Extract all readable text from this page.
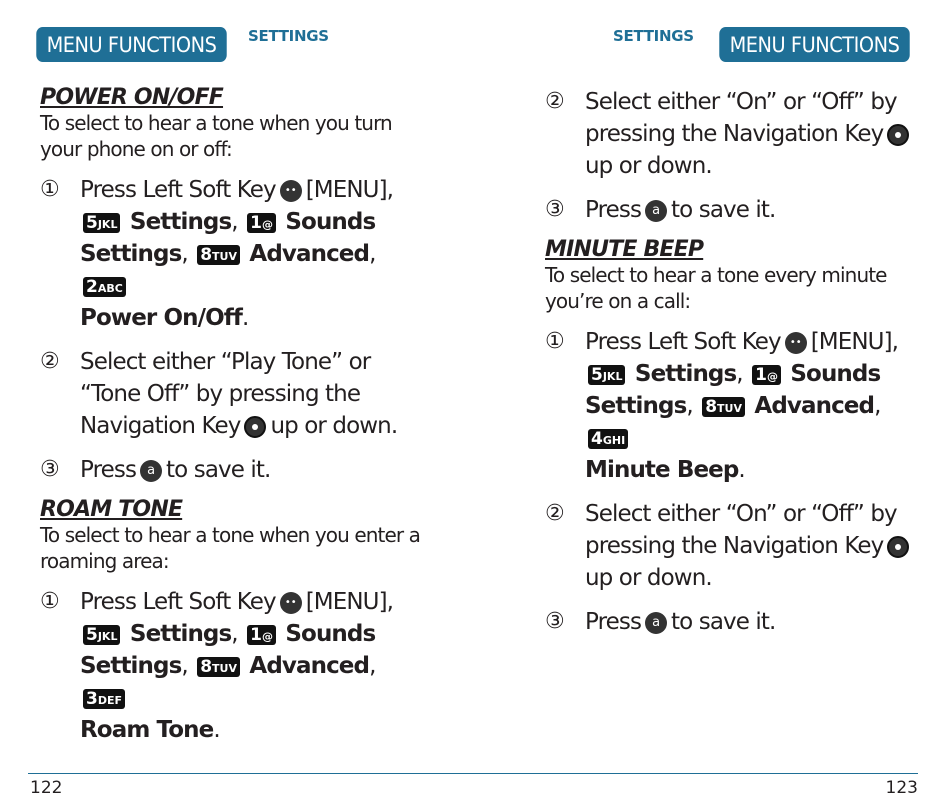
MENU FUNCTIONS	SETTINGS	SETTINGS	MENU FUNCTIONS
POWER ON/OFF
To select to hear a tone when you turn your phone on or off:
① Press Left Soft Key •• [MENU],
5JKL Settings, 1@ Sounds Settings, 8TUV Advanced, 2ABC
Power On/Off.
② Select either “Play Tone” or “Tone Off” by pressing the Navigation Key up or down.
③ Press a to save it.
ROAM TONE
To select to hear a tone when you enter a roaming area:
① Press Left Soft Key •• [MENU],
5JKL Settings, 1@ Sounds Settings, 8TUV Advanced, 3DEF
Roam Tone.
② Select either “On” or “Off” by pressing the Navigation Keyup or down.
③ Press a to save it.
MINUTE BEEP
To select to hear a tone every minute you’re on a call:
① Press Left Soft Key •• [MENU],
5JKL Settings, 1@ Sounds Settings, 8TUV Advanced, 4GHI
Minute Beep.
② Select either “On” or “Off” by pressing the Navigation Keyup or down.
③ Press a to save it.
122	123
